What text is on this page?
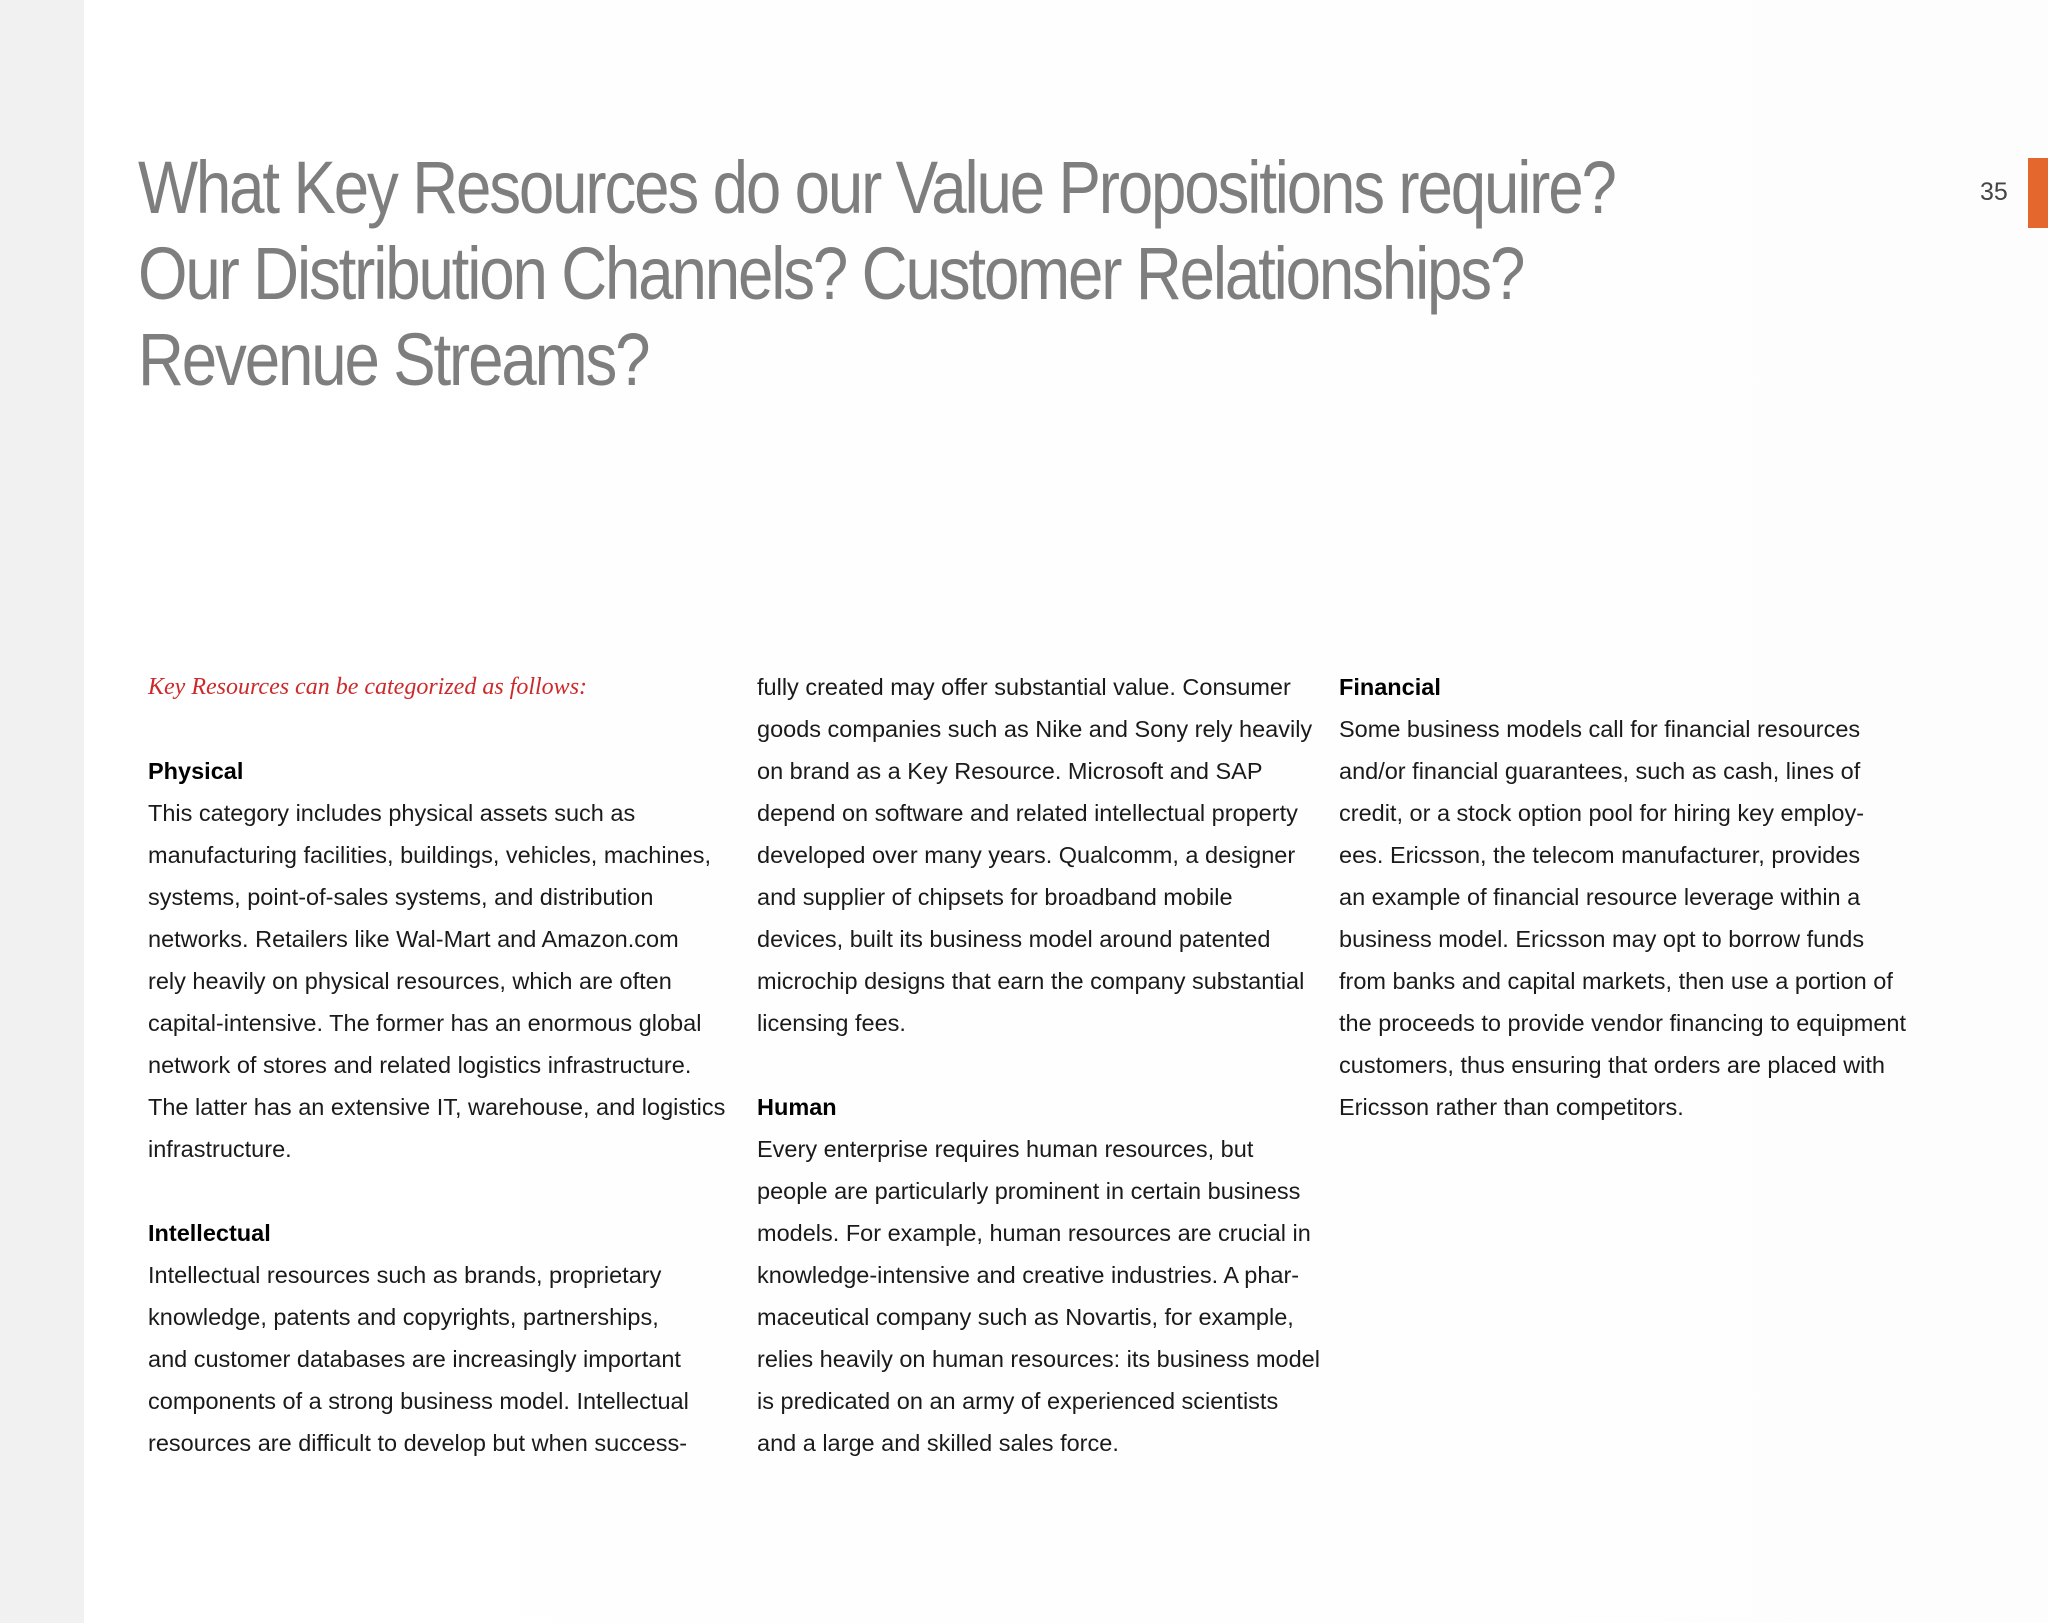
What Key Resources do our Value Propositions require?
Our Distribution Channels? Customer Relationships?
Revenue Streams?
35

Key Resources can be categorized as follows:

Physical

This category includes physical assets such as

manufacturing facilities, buildings, vehicles, machines,

systems, point-of-sales systems, and distribution

networks. Retailers like Wal-Mart and Amazon.com

rely heavily on physical resources, which are often

capital-intensive. The former has an enormous global

network of stores and related logistics infrastructure.

The latter has an extensive IT, warehouse, and logistics

infrastructure.

Intellectual

Intellectual resources such as brands, proprietary

knowledge, patents and copyrights, partnerships,

and customer databases are increasingly important

components of a strong business model. Intellectual

resources are difficult to develop but when success-

fully created may offer substantial value. Consumer

goods companies such as Nike and Sony rely heavily

on brand as a Key Resource. Microsoft and SAP

depend on software and related intellectual property

developed over many years. Qualcomm, a designer

and supplier of chipsets for broadband mobile

devices, built its business model around patented

microchip designs that earn the company substantial

licensing fees.

Human

Every enterprise requires human resources, but

people are particularly prominent in certain business

models. For example, human resources are crucial in

knowledge-intensive and creative industries. A phar-

maceutical company such as Novartis, for example,

relies heavily on human resources: its business model

is predicated on an army of experienced scientists

and a large and skilled sales force.

Financial

Some business models call for financial resources

and/or financial guarantees, such as cash, lines of

credit, or a stock option pool for hiring key employ-

ees. Ericsson, the telecom manufacturer, provides

an example of financial resource leverage within a

business model. Ericsson may opt to borrow funds

from banks and capital markets, then use a portion of

the proceeds to provide vendor financing to equipment

customers, thus ensuring that orders are placed with

Ericsson rather than competitors.
